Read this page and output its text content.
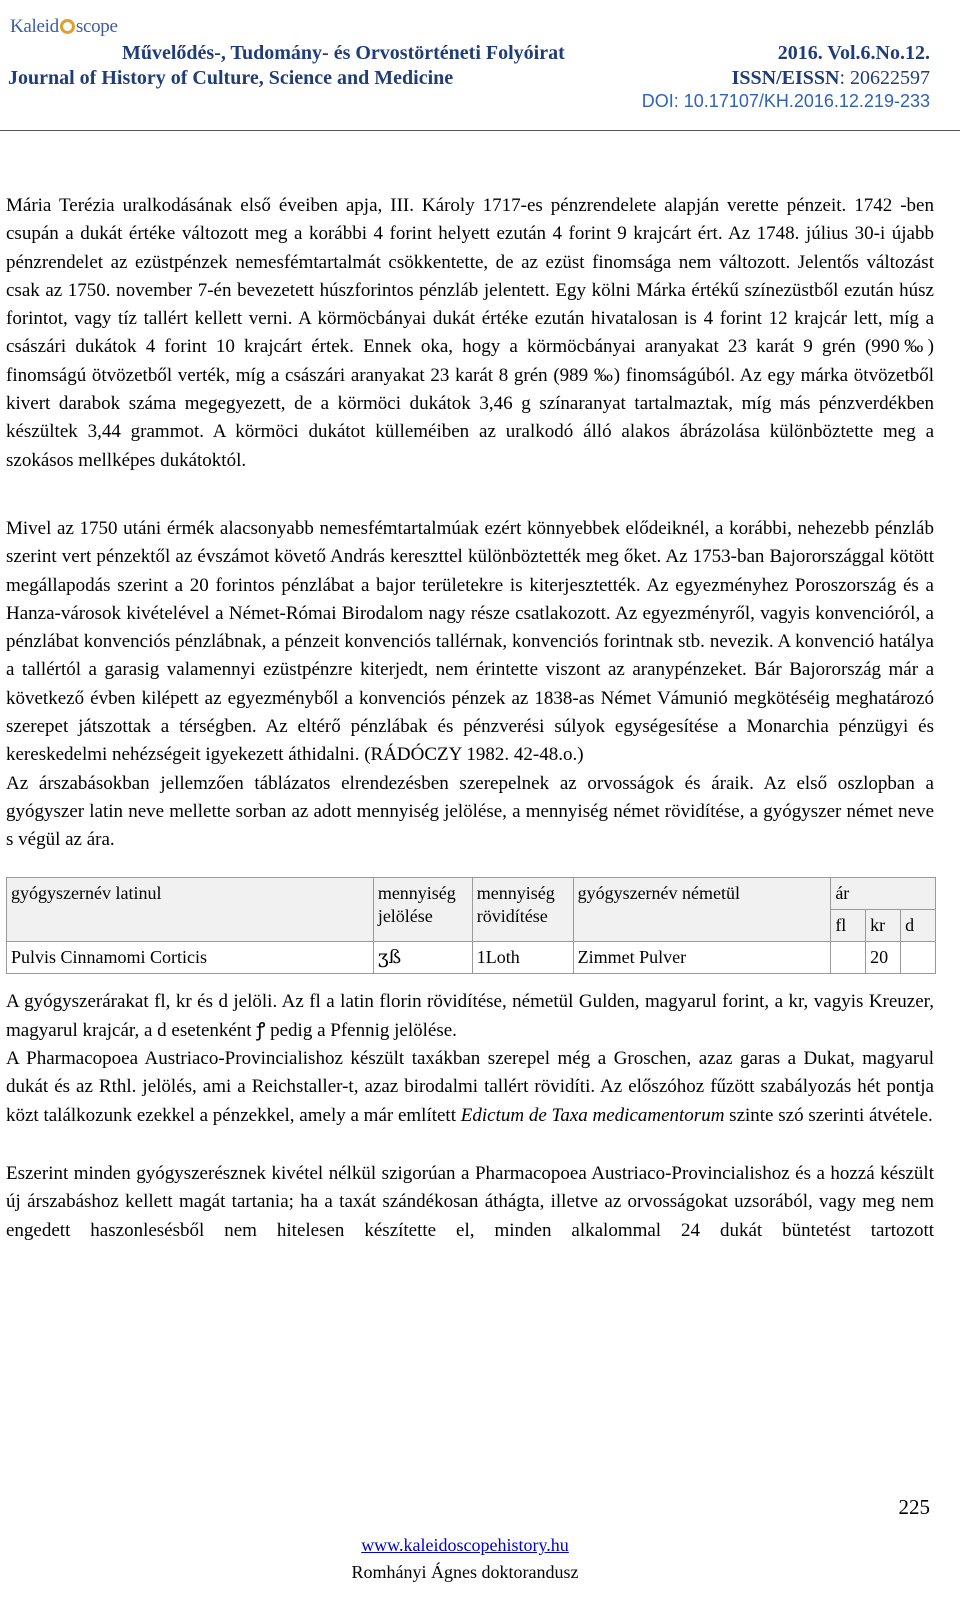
Kaleid scope
Művelődés-, Tudomány- és Orvostörténeti Folyóirat
Journal of History of Culture, Science and Medicine
2016. Vol.6.No.12.
ISSN/EISSN: 20622597
DOI: 10.17107/KH.2016.12.219-233

Mária Terézia uralkodásának első éveiben apja, III. Károly 1717-es pénzrendelete alapján verette pénzeit. 1742 -ben csupán a dukát értéke változott meg a korábbi 4 forint helyett ezután 4 forint 9 krajcárt ért. Az 1748. július 30-i újabb pénzrendelet az ezüstpénzek nemesfémtartalmát csökkentette, de az ezüst finomsága nem változott. Jelentős változást csak az 1750. november 7-én bevezetett húszforintos pénzláb jelentett. Egy kölni Márka értékű színezüstből ezután húsz forintot, vagy tíz tallért kellett verni. A körmöcbányai dukát értéke ezután hivatalosan is 4 forint 12 krajcár lett, míg a császári dukátok 4 forint 10 krajcárt értek. Ennek oka, hogy a körmöcbányai aranyakat 23 karát 9 grén (990‰) finomságú ötvözetből verték, míg a császári aranyakat 23 karát 8 grén (989 ‰) finomságúból. Az egy márka ötvözetből kivert darabok száma megegyezett, de a körmöci dukátok 3,46 g színaranyat tartalmaztak, míg más pénzverdékben készültek 3,44 grammot. A körmöci dukátot külleméiben az uralkodó álló alakos ábrázolása különböztette meg a szokásos mellképes dukátoktól.

Mivel az 1750 utáni érmék alacsonyabb nemesfémtartalmúak ezért könnyebbek elődeiknél, a korábbi, nehezebb pénzláb szerint vert pénzektől az évszámot követő András kereszttel különböztették meg őket. Az 1753-ban Bajorországgal kötött megállapodás szerint a 20 forintos pénzlábat a bajor területekre is kiterjesztették. Az egyezményhez Poroszország és a Hanza-városok kivételével a Német-Római Birodalom nagy része csatlakozott. Az egyezményről, vagyis konvencióról, a pénzlábat konvenciós pénzlábnak, a pénzeit konvenciós tallérnak, konvenciós forintnak stb. nevezik. A konvenció hatálya a tallértól a garasig valamennyi ezüstpénzre kiterjedt, nem érintette viszont az aranypénzeket. Bár Bajorország már a következő évben kilépett az egyezményből a konvenciós pénzek az 1838-as Német Vámunió megkötéséig meghatározó szerepet játszottak a térségben. Az eltérő pénzlábak és pénzverési súlyok egységesítése a Monarchia pénzügyi és kereskedelmi nehézségeit igyekezett áthidalni. (RÁDÓCZY 1982. 42-48.o.)

Az árszabásokban jellemzően táblázatos elrendezésben szerepelnek az orvosságok és áraik. Az első oszlopban a gyógyszer latin neve mellette sorban az adott mennyiség jelölése, a mennyiség német rövidítése, a gyógyszer német neve s végül az ára.

gyógyszernév latinul	mennyiség jelölése	mennyiség rövidítése	gyógyszernév németül	ár		
				fl	kr	d
Pulvis Cinnamomi Corticis	ʒß	1Loth	Zimmet Pulver		20	

A gyógyszerárakat fl, kr és d jelöli. Az fl a latin florin rövidítése, németül Gulden, magyarul forint, a kr, vagyis Kreuzer, magyarul krajcár, a d esetenként ꝭ pedig a Pfennig jelölése.

A Pharmacopoea Austriaco-Provincialishoz készült taxákban szerepel még a Groschen, azaz garas a Dukat, magyarul dukát és az Rthl. jelölés, ami a Reichstaller-t, azaz birodalmi tallért rövidíti. Az előszóhoz fűzött szabályozás hét pontja közt találkozunk ezekkel a pénzekkel, amely a már említett Edictum de Taxa medicamentorum szinte szó szerinti átvétele.

Eszerint minden gyógyszerésznek kivétel nélkül szigorúan a Pharmacopoea Austriaco-Provincialishoz és a hozzá készült új árszabáshoz kellett magát tartania; ha a taxát szándékosan áthágta, illetve az orvosságokat uzsorából, vagy meg nem engedett haszonlesésből nem hitelesen készítette el, minden alkalommal 24 dukát büntetést tartozott

225
www.kaleidoscopehistory.hu
Romhányi Ágnes doktorandusz
